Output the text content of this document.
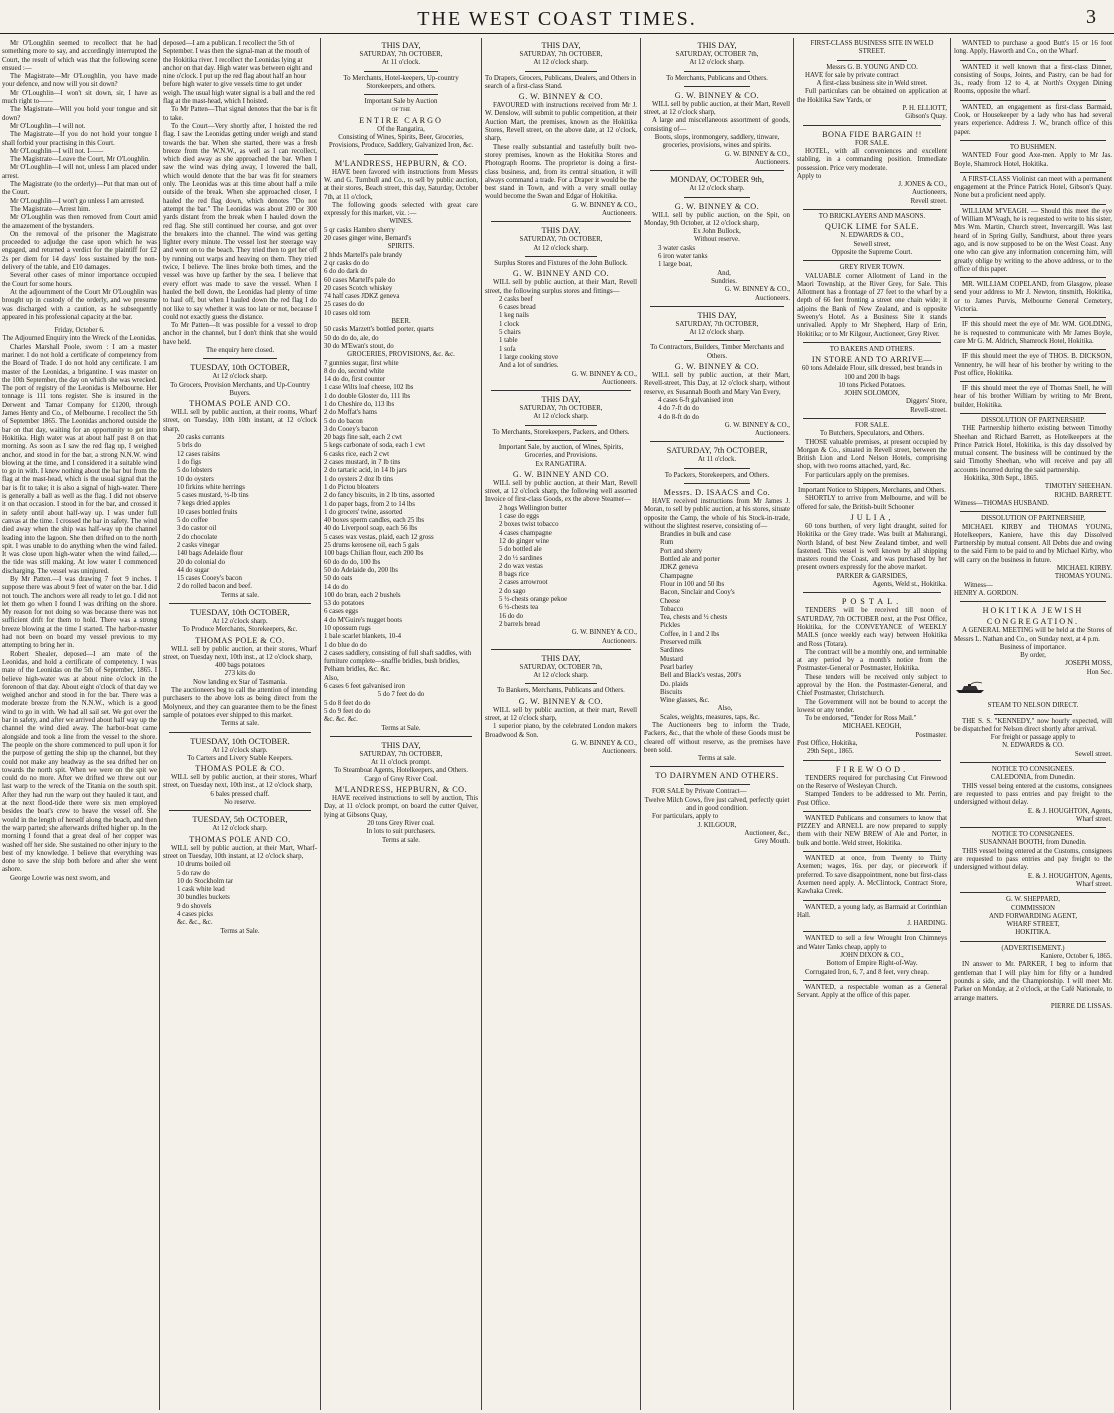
THE WEST COAST TIMES.	3

Mr O'Loughlin seemed to recollect that he had something more to say, and accordingly interrupted the Court, the result of which was that the following scene ensued :—

The Magistrate—Mr O'Loughlin, you have made your defence, and now will you sit down?

Mr O'Loughlin—I won't sit down, sir, I have as much right to——

The Magistrate—Will you hold your tongue and sit down?

Mr O'Loughlin—I will not.

The Magistrate—If you do not hold your tongue I shall forbid your practising in this Court.

Mr O'Loughlin—I will not. I——

The Magistrate—Leave the Court, Mr O'Loughlin.

Mr O'Loughlin—I will not, unless I am placed under arrest.

The Magistrate (to the orderly)—Put that man out of the Court.

Mr O'Loughlin—I won't go unless I am arrested.

The Magistrate—Arrest him.

Mr O'Loughlin was then removed from Court amid the amazement of the bystanders.

On the removal of the prisoner the Magistrate proceeded to adjudge the case upon which he was engaged, and returned a verdict for the plaintiff for £2 2s per diem for 14 days' loss sustained by the non-delivery of the table, and £10 damages.

Several other cases of minor importance occupied the Court for some hours.

At the adjournment of the Court Mr O'Loughlin was brought up in custody of the orderly, and we presume was discharged with a caution, as he subsequently appeared in his professional capacity at the bar.

Friday, October 6.

The Adjourned Enquiry into the Wreck of the Leonidas.

Charles Marshall Poole, sworn : I am a master mariner. I do not hold a certificate of competency from the Board of Trade. I do not hold any certificate. I am master of the Leonidas, a brigantine. I was master on the 10th September, the day on which she was wrecked. The port of registry of the Leonidas is Melbourne. Her tonnage is 111 tons register. She is insured in the Derwent and Tamar Company for £1200, through James Henty and Co., of Melbourne. I recollect the 5th of September 1865. The Leonidas anchored outside the bar on that day, waiting for an opportunity to get into Hokitika. High water was at about half past 8 on that morning. As soon as I saw the red flag up, I weighed anchor, and stood in for the bar, a strong N.N.W. wind blowing at the time, and I considered it a suitable wind to go in with. I knew nothing about the bar but from the flag at the mast-head, which is the usual signal that the bar is fit to take; it is also a signal of high-water. There is generally a ball as well as the flag. I did not observe it on that occasion. I stood in for the bar, and crossed it in safety until about half-way up. I was under full canvas at the time. I crossed the bar in safety. The wind died away when the ship was half-way up the channel leading into the lagoon. She then drifted on to the north spit. I was unable to do anything when the wind failed. It was close upon high-water when the wind failed,—the tide was still making. At low water I commenced discharging. The vessel was uninjured.

By Mr Patten.—I was drawing 7 feet 9 inches. I suppose there was about 9 feet of water on the bar. I did not touch. The anchors were all ready to let go. I did not let them go when I found I was drifting on the shore. My reason for not doing so was because there was not sufficient drift for them to hold. There was a strong breeze blowing at the time I started. The harbor-master had not been on board my vessel previous to my attempting to bring her in.

Robert Shealer, deposed—I am mate of the Leonidas, and hold a certificate of competency. I was mate of the Leonidas on the 5th of September, 1865. I believe high-water was at about nine o'clock in the forenoon of that day. About eight o'clock of that day we weighed anchor and stood in for the bar. There was a moderate breeze from the N.N.W., which is a good wind to go in with. We had all sail set. We got over the bar in safety, and after we arrived about half way up the channel the wind died away. The harbor-boat came alongside and took a line from the vessel to the shore. The people on the shore commenced to pull upon it for the purpose of getting the ship up the channel, but they could not make any headway as the sea drifted her on towards the north spit. When we were on the spit we could do no more. After we drifted we threw out our last warp to the wreck of the Titania on the south spit. After they had run the warp out they hauled it taut, and at the next flood-tide there were six men employed besides the boat's crew to heave the vessel off. She would in the length of herself along the beach, and then the warp parted; she afterwards drifted higher up. In the morning I found that a great deal of her copper was washed off her side. She sustained no other injury to the best of my knowledge. I believe that everything was done to save the ship both before and after she went ashore.

George Lowrie was next sworn, and

deposed—I am a publican. I recollect the 5th of September. I was then the signal-man at the mouth of the Hokitika river. I recollect the Leonidas lying at anchor on that day. High water was between eight and nine o'clock. I put up the red flag about half an hour before high water to give vessels time to get under weigh. The usual high water signal is a ball and the red flag at the mast-head, which I hoisted.

To Mr Patten—That signal denotes that the bar is fit to take.

To the Court—Very shortly after, I hoisted the red flag. I saw the Leonidas getting under weigh and stand towards the bar. When she started, there was a fresh breeze from the W.N.W., as well as I can recollect, which died away as she approached the bar. When I saw the wind was dying away, I lowered the ball, which would denote that the bar was fit for steamers only. The Leonidas was at this time about half a mile outside of the break. When she approached closer, I hauled the red flag down, which denotes "Do not attempt the bar." The Leonidas was about 200 or 300 yards distant from the break when I hauled down the red flag. She still continued her course, and got over the breakers into the channel. The wind was getting lighter every minute. The vessel lost her steerage way and went on to the beach. They tried then to get her off by running out warps and heaving on them. They tried twice, I believe. The lines broke both times, and the vessel was hove up farther by the sea. I believe that every effort was made to save the vessel. When I hauled the bell down, the Leonidas had plenty of time to haul off, but when I hauled down the red flag I do not like to say whether it was too late or not, because I could not exactly guess the distance.

To Mr Patten—It was possible for a vessel to drop anchor in the channel, but I don't think that she would have held.

The enquiry here closed.

TUESDAY, 10th OCTOBER,

At 12 o'clock sharp.

To Grocers, Provision Merchants, and Up-Country Buyers.

THOMAS POLE AND CO.

WILL sell by public auction, at their rooms, Wharf street, on Tuesday, 10th 10th instant, at 12 o'clock sharp,

20 casks currants

5 brls do

12 cases raisins

1 do figs

5 do lobsters

10 do oysters

10 firkins white herrings

5 cases mustard, ½-lb tins

7 kegs dried apples

10 cases bottled fruits

5 do coffee

3 do castor oil

2 do chocolate

2 casks vinegar

140 bags Adelaide flour

20 do colonial do

44 do sugar

15 cases Cooey's bacon

2 do rolled bacon and beef.

Terms at sale.

TUESDAY, 10th OCTOBER,

At 12 o'clock sharp.

To Produce Merchants, Storekeepers, &c.

THOMAS POLE & CO.

WILL sell by public auction, at their stores, Wharf street, on Tuesday next, 10th inst., at 12 o'clock sharp,

400 bags potatoes

273 kits do

Now landing ex Star of Tasmania.

The auctioneers beg to call the attention of intending purchasers to the above lots as being direct from the Molyneux, and they can guarantee them to be the finest sample of potatoes ever shipped to this market.

Terms at sale.

TUESDAY, 10th OCTOBER.

At 12 o'clock sharp.

To Carters and Livery Stable Keepers.

THOMAS POLE & CO.

WILL sell by public auction, at their stores, Wharf street, on Tuesday next, 10th inst., at 12 o'clock sharp,

6 bales pressed chaff.

No reserve.

TUESDAY, 5th OCTOBER,

At 12 o'clock sharp.

THOMAS POLE AND CO.

WILL sell by public auction, at their Mart, Wharf-street on Tuesday, 10th instant, at 12 o'clock sharp,

10 drums boiled oil

5 do raw do

10 do Stockholm tar

1 cask white lead

30 bundles buckets

9 do shovels

4 cases picks

&c. &c., &c.

Terms at Sale.

THIS DAY,

SATURDAY, 7th OCTOBER,

At 11 o'clock.

To Merchants, Hotel-keepers, Up-country Storekeepers, and others.

Important Sale by Auction

OF THE

ENTIRE CARGO

Of the Rangatira,

Consisting of Wines, Spirits, Beer, Groceries, Provisions, Produce, Saddlery, Galvanized Iron, &c.

M'LANDRESS, HEPBURN, & CO.

HAVE been favored with instructions from Messrs W. and G. Turnbull and Co., to sell by public auction, at their stores, Beach street, this day, Saturday, October 7th, at 11 o'clock,

The following goods selected with great care expressly for this market, viz. :—

WINES.

5 qr casks Hambro sherry

20 cases ginger wine, Bernard's

SPIRITS.

2 hhds Martell's pale brandy

2 qr casks do do

6 do do dark do

60 cases Martell's pale do

20 cases Scotch whiskey

74 half cases JDKZ geneva

25 cases do do

10 cases old tom

BEER.

50 casks Marzett's bottled porter, quarts

50 do do do, ale, do

30 do M'Ewan's stout, do

GROCERIES, PROVISIONS, &c. &c.

7 gunnies sugar, first white

8 do do, second white

14 do do, first counter

1 case Wilts loaf cheese, 102 lbs

1 do double Gloster do, 111 lbs

1 do Cheshire do, 113 lbs

2 do Moffat's hams

5 do do bacon

3 do Cooey's bacon

20 bags fine salt, each 2 cwt

5 kegs carbonate of soda, each 1 cwt

6 casks rice, each 2 cwt

2 cases mustard, in 7 lb tins

2 do tartaric acid, in 14 lb jars

1 do oysters 2 doz lb tins

1 do Pictou bloaters

2 do fancy biscuits, in 2 lb tins, assorted

1 do paper bags, from 2 to 14 lbs

1 do grocers' twine, assorted

40 boxes sperm candles, each 25 lbs

40 do Liverpool soap, each 56 lbs

5 cases wax vestas, plaid, each 12 gross

25 drums kerosene oil, each 5 gals

100 bags Chilian flour, each 200 lbs

60 do do do, 100 lbs

50 do Adelaide do, 200 lbs

50 do oats

14 do do

100 do bran, each 2 bushels

53 do potatoes

6 cases eggs

4 do M'Guire's nugget boots

10 opossum rugs

1 bale scarlet blankets, 10-4

1 do blue do do

2 cases saddlery, consisting of full shaft saddles, with furniture complete—snaffle bridles, bush bridles, Pelham bridles, &c. &c.

Also,

6 cases 6 feet galvanised iron

5 do 7 feet do do

5 do 8 feet do do

5 do 9 feet do do

&c. &c. &c.

Terms at Sale.

THIS DAY,

SATURDAY, 7th OCTOBER,

At 11 o'clock prompt.

To Steamboat Agents, Hotelkeepers, and Others.

Cargo of Grey River Coal.

M'LANDRESS, HEPBURN, & CO.

HAVE received instructions to sell by auction, This Day, at 11 o'clock prompt, on board the cutter Quiver, lying at Gibsons Quay,

20 tons Grey River coal.

In lots to suit purchasers.

Terms at sale.

THIS DAY,

SATURDAY, 7th OCTOBER,

At 12 o'clock sharp.

To Drapers, Grocers, Publicans, Dealers, and Others in search of a first-class Stand.

G. W. BINNEY & CO.

FAVOURED with instructions received from Mr J. W. Denslow, will submit to public competition, at their Auction Mart, the premises, known as the Hokitika Stores, Revell street, on the above date, at 12 o'clock, sharp,

These really substantial and tastefully built two-storey premises, known as the Hokitika Stores and Photograph Rooms. The proprietor is doing a first-class business, and, from its central situation, it will always command a trade. For a Draper it would be the best stand in Town, and with a very small outlay would become the Swan and Edgar of Hokitika.

G. W. BINNEY & CO.,

Auctioneers.

THIS DAY,

SATURDAY, 7th OCTOBER,

At 12 o'clock sharp.

Surplus Stores and Fixtures of the John Bullock.

G. W. BINNEY AND CO.

WILL sell by public auction, at their Mart, Revell street, the following surplus stores and fittings—

2 casks beef

6 cases bread

1 keg nails

1 clock

5 chairs

1 table

1 sofa

1 large cooking stove

And a lot of sundries.

G. W. BINNEY & CO.,

Auctioneers.

THIS DAY,

SATURDAY, 7th OCTOBER,

At 12 o'clock sharp.

To Merchants, Storekeepers, Packers, and Others.

Important Sale, by auction, of Wines, Spirits, Groceries, and Provisions.

Ex RANGATIRA.

G. W. BINNEY AND CO.

WILL sell by public auction, at their Mart, Revell street, at 12 o'clock sharp, the following well assorted Invoice of first-class Goods, ex the above Steamer—

2 hogs Wellington butter

1 case do eggs

2 boxes twist tobacco

4 cases champagne

12 do ginger wine

5 do bottled ale

2 do ½ sardines

2 do wax vestas

8 bags rice

2 cases arrowroot

2 do sago

5 ½-chests orange pekoe

6 ½-chests tea

16 do do

2 barrels bread

G. W. BINNEY & CO.,

Auctioneers.

THIS DAY,

SATURDAY, OCTOBER 7th,

At 12 o'clock sharp.

To Bankers, Merchants, Publicans and Others.

G. W. BINNEY & CO.

WILL sell by public auction, at their mart, Revell street, at 12 o'clock sharp,

1 superior piano, by the celebrated London makers Broadwood & Son.

G. W. BINNEY & CO.,

Auctioneers.

THIS DAY,

SATURDAY, OCTOBER 7th,

At 12 o'clock sharp.

To Merchants, Publicans and Others.

G. W. BINNEY & CO.

WILL sell by public auction, at their Mart, Revell street, at 12 o'clock sharp,

A large and miscellaneous assortment of goods, consisting of—

Boots, slops, ironmongery, saddlery, tinware, groceries, provisions, wines and spirits.

G. W. BINNEY & CO.,

Auctioneers.

MONDAY, OCTOBER 9th,

At 12 o'clock sharp.

G. W. BINNEY & CO.

WILL sell by public auction, on the Spit, on Monday, 9th October, at 12 o'clock sharp,

Ex John Bullock,

Without reserve.

3 water casks

6 iron water tanks

1 large boat,

And,

Sundries.

G. W. BINNEY & CO.,

Auctioneers.

THIS DAY,

SATURDAY, 7th OCTOBER,

At 12 o'clock sharp.

To Contractors, Builders, Timber Merchants and Others.

G. W. BINNEY & CO.

WILL sell by public auction, at their Mart, Revell-street, This Day, at 12 o'clock sharp, without reserve, ex Susannah Booth and Mary Van Every,

4 cases 6-ft galvanised iron

4 do 7-ft do do

4 do 8-ft do do

G. W. BINNEY & CO.,

Auctioneers.

SATURDAY, 7th OCTOBER,

At 11 o'clock.

To Packers, Storekeepers, and Others.

Messrs. D. ISAACS and Co.

HAVE received instructions from Mr James J. Moran, to sell by public auction, at his stores, situate opposite the Camp, the whole of his Stock-in-trade, without the slightest reserve, consisting of—

Brandies in bulk and case

Rum

Port and sherry

Bottled ale and porter

JDKZ geneva

Champagne

Flour in 100 and 50 lbs

Bacon, Sinclair and Cooy's

Cheese

Tobacco

Tea, chests and ½ chests

Pickles

Coffee, in 1 and 2 lbs

Preserved milk

Sardines

Mustard

Pearl barley

Bell and Black's vestas, 200's

Do. plaids

Biscuits

Wine glasses, &c.

Also,

Scales, weights, measures, taps, &c.

The Auctioneers beg to inform the Trade, Packers, &c., that the whole of these Goods must be cleared off without reserve, as the premises have been sold.

Terms at sale.

TO DAIRYMEN AND OTHERS.

FOR SALE by Private Contract—

Twelve Milch Cows, five just calved, perfectly quiet and in good condition.

For particulars, apply to

J. KILGOUR,

Auctioneer, &c.,

Grey Mouth.

FIRST-CLASS BUSINESS SITE IN WELD STREET.

Messrs G. B. YOUNG AND CO.

HAVE for sale by private contract

A first-class business site in Weld street.

Full particulars can be obtained on application at the Hokitika Saw Yards, or

P. H. ELLIOTT,

Gibson's Quay.

BONA FIDE BARGAIN !!

FOR SALE.

HOTEL, with all conveniences and excellent stabling, in a commanding position. Immediate possession. Price very moderate.

Apply to

J. JONES & CO.,

Auctioneers,

Revell street.

TO BRICKLAYERS AND MASONS.

QUICK LIME for SALE.

N. EDWARDS & CO.,

Sewell street,

Opposite the Supreme Court.

GREY RIVER TOWN.

VALUABLE corner Allotment of Land in the Maori Township, at the River Grey, for Sale. This Allotment has a frontage of 27 feet to the wharf by a depth of 66 feet fronting a street one chain wide; it adjoins the Bank of New Zealand, and is opposite Sweeny's Hotel. As a Business Site it stands unrivalled. Apply to Mr Shepherd, Harp of Erin, Hokitika; or to Mr Kilgour, Auctioneer, Grey River.

TO BAKERS AND OTHERS.

IN STORE AND TO ARRIVE—

60 tons Adelaide Flour, silk dressed, best brands in 100 and 200 lb bags

10 tons Picked Potatoes.

JOHN SOLOMON,

Diggers' Store,

Revell-street.

FOR SALE.

To Butchers, Speculators, and Others.

THOSE valuable premises, at present occupied by Morgan & Co., situated in Revell street, between the British Lion and Lord Nelson Hotels, comprising shop, with two rooms attached, yard, &c.

For particulars apply on the premises.

Important Notice to Shippers, Merchants, and Others.

SHORTLY to arrive from Melbourne, and will be offered for sale, the British-built Schooner

JULIA,

60 tons burthen, of very light draught, suited for Hokitika or the Grey trade. Was built at Mahurangi, North Island, of best New Zealand timber, and well fastened. This vessel is well known by all shipping masters round the Coast, and was purchased by her present owners expressly for the above market.

PARKER & GARSIDES,

Agents, Weld st., Hokitika.

POSTAL.

TENDERS will be received till noon of SATURDAY, 7th OCTOBER next, at the Post Office, Hokitika, for the CONVEYANCE of WEEKLY MAILS (once weekly each way) between Hokitika and Ross (Totara).

The contract will be a monthly one, and terminable at any period by a month's notice from the Postmaster-General or Postmaster, Hokitika.

These tenders will be received only subject to approval by the Hon. the Postmaster-General, and Chief Postmaster, Christchurch.

The Government will not be bound to accept the lowest or any tender.

To be endorsed, "Tender for Ross Mail."

MICHAEL KEOGH,

Postmaster.

Post Office, Hokitika,

29th Sept., 1865.

FIREWOOD.

TENDERS required for purchasing Cut Firewood on the Reserve of Wesleyan Church.

Stamped Tenders to be addressed to Mr. Perrin, Post Office.

WANTED Publicans and consumers to know that PIZZEY and ARNELL are now prepared to supply them with their NEW BREW of Ale and Porter, in bulk and bottle. Weld street, Hokitika.

WANTED at once, from Twenty to Thirty Axemen; wages, 16s. per day, or piecework if preferred. To save disappointment, none but first-class Axemen need apply. A. McClintock, Contract Store, Kawhaka Creek.

WANTED, a young lady, as Barmaid at Corinthian Hall.

J. HARDING.

WANTED to sell a few Wrought Iron Chimneys and Water Tanks cheap, apply to

JOHN DIXON & CO.,

Bottom of Empire Right-of-Way.

Corrugated Iron, 6, 7, and 8 feet, very cheap.

WANTED, a respectable woman as a General Servant. Apply at the office of this paper.

WANTED to purchase a good Butt's 15 or 16 foot long. Apply, Haworth and Co., on the Wharf.

WANTED it well known that a first-class Dinner, consisting of Soups, Joints, and Pastry, can be had for 3s., ready from 12 to 4, at North's Oxygen Dining Rooms, opposite the wharf.

WANTED, an engagement as first-class Barmaid, Cook, or Housekeeper by a lady who has had several years experience. Address J. W., branch office of this paper.

TO BUSHMEN.

WANTED Four good Axe-men. Apply to Mr Jas. Boyle, Shamrock Hotel, Hokitika.

A FIRST-CLASS Violinist can meet with a permanent engagement at the Prince Patrick Hotel, Gibson's Quay. None but a proficient need apply.

WILLIAM M'VEAGH. — Should this meet the eye of William M'Veagh, he is requested to write to his sister, Mrs Wm. Martin, Church street, Invercargill. Was last heard of in Spring Gully, Sandhurst, about three years ago, and is now supposed to be on the West Coast. Any one who can give any information concerning him, will greatly oblige by writing to the above address, or to the office of this paper.

MR. WILLIAM COPELAND, from Glasgow, please send your address to Mr J. Newton, tinsmith, Hokitika, or to James Purvis, Melbourne General Cemetery, Victoria.

IF this should meet the eye of Mr. WM. GOLDING, he is requested to communicate with Mr James Boyle, care Mr G. M. Aldrich, Shamrock Hotel, Hokitika.

IF this should meet the eye of THOS. B. DICKSON, Vennentry, he will hear of his brother by writing to the Post office, Hokitika.

IF this should meet the eye of Thomas Snell, he will hear of his brother William by writing to Mr Brent, builder, Hokitika.

DISSOLUTION OF PARTNERSHIP.

THE Partnership hitherto existing between Timothy Sheehan and Richard Barrett, as Hotelkeepers at the Prince Patrick Hotel, Hokitika, is this day dissolved by mutual consent. The business will be continued by the said Timothy Sheehan, who will receive and pay all accounts incurred during the said partnership.

Hokitika, 30th Sept., 1865.

TIMOTHY SHEEHAN.

RICHD. BARRETT.

Witness—THOMAS HUSBAND.

DISSOLUTION OF PARTNERSHIP,

MICHAEL KIRBY and THOMAS YOUNG, Hotelkeepers, Kaniere, have this day Dissolved Partnership by mutual consent. All Debts due and owing to the said Firm to be paid to and by Michael Kirby, who will carry on the business in future.

MICHAEL KIRBY.

THOMAS YOUNG.

Witness—

HENRY A. GORDON.

HOKITIKA JEWISH CONGREGATION.

A GENERAL MEETING will be held at the Stores of Messrs L. Nathan and Co., on Sunday next, at 4 p.m.

Business of importance.

By order,

JOSEPH MOSS,

Hon Sec.

STEAM TO NELSON DIRECT.

THE S. S. "KENNEDY," now hourly expected, will be dispatched for Nelson direct shortly after arrival.

For freight or passage apply to

N. EDWARDS & CO.

Sewell street.

NOTICE TO CONSIGNEES.

CALEDONIA, from Dunedin.

THIS vessel being entered at the customs, consignees are requested to pass entries and pay freight to the undersigned without delay.

E. & J. HOUGHTON, Agents,

Wharf street.

NOTICE TO CONSIGNEES.

SUSANNAH BOOTH, from Dunedin.

THIS vessel being entered at the Customs, consignees are requested to pass entries and pay freight to the undersigned without delay.

E. & J. HOUGHTON, Agents,

Wharf street.

G. W. SHEPPARD,

COMMISSION

AND FORWARDING AGENT,

WHARF STREET,

HOKITIKA.

(ADVERTISEMENT.)

Kaniere, October 6, 1865.

IN answer to Mr. PARKER, I beg to inform that gentleman that I will play him for fifty or a hundred pounds a side, and the Championship. I will meet Mr. Parker on Monday, at 2 o'clock, at the Café Nationale, to arrange matters.

PIERRE DE LISSAS.
